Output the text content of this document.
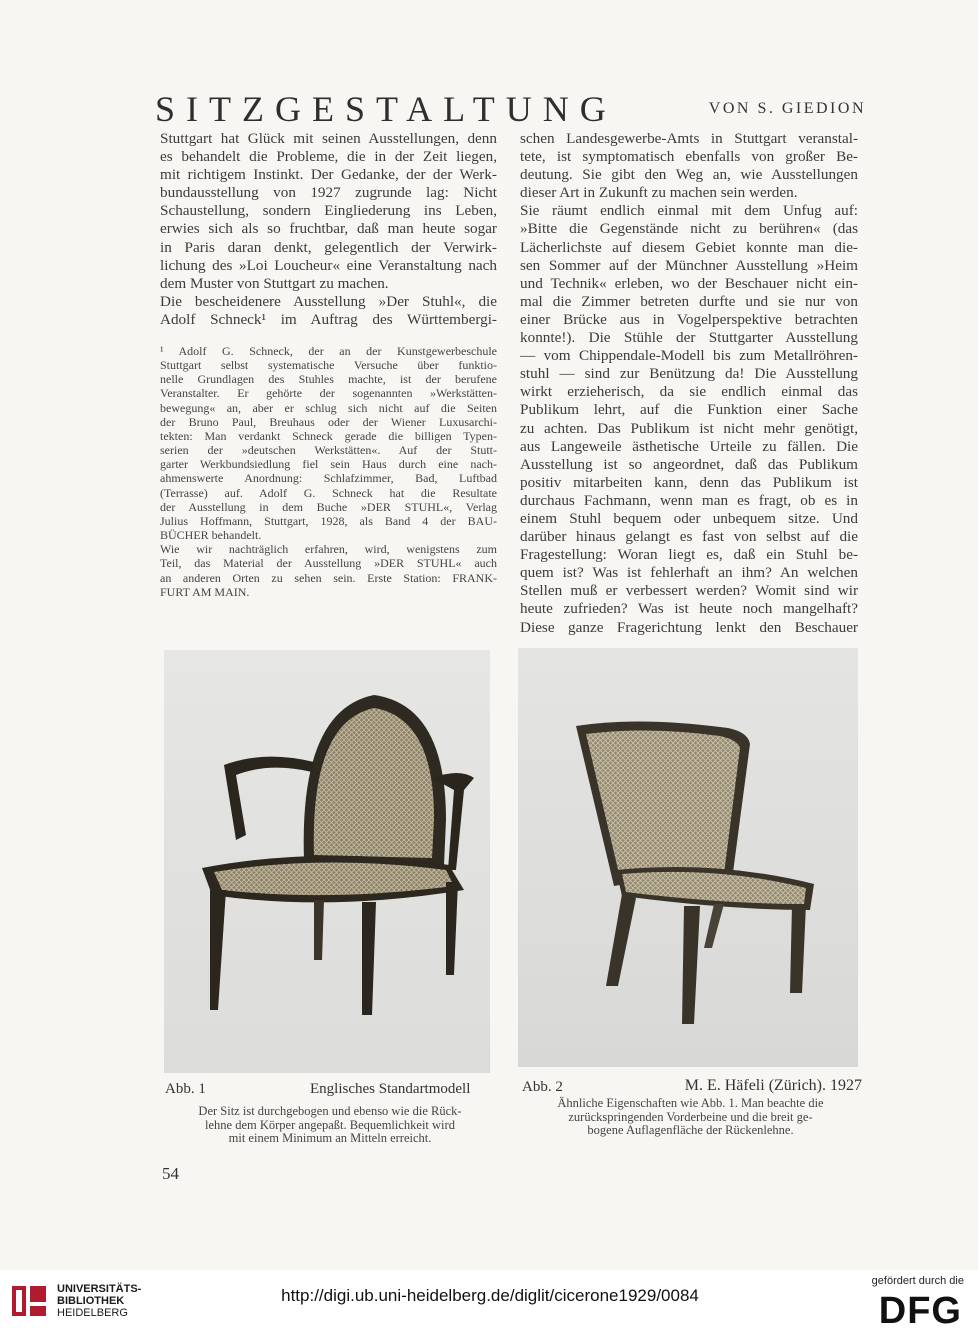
SITZGESTALTUNG	VON S. GIEDION
Stuttgart hat Glück mit seinen Ausstellungen, denn
es behandelt die Probleme, die in der Zeit liegen,
mit richtigem Instinkt. Der Gedanke, der der Werk-
bundausstellung von 1927 zugrunde lag: Nicht
Schaustellung, sondern Eingliederung ins Leben,
erwies sich als so fruchtbar, daß man heute sogar
in Paris daran denkt, gelegentlich der Verwirk-
lichung des »Loi Loucheur« eine Veranstaltung nach
dem Muster von Stuttgart zu machen.
Die bescheidenere Ausstellung »Der Stuhl«, die
Adolf Schneck¹ im Auftrag des Württembergi-
¹ Adolf G. Schneck, der an der Kunstgewerbeschule
Stuttgart selbst systematische Versuche über funktio-
nelle Grundlagen des Stuhles machte, ist der berufene
Veranstalter. Er gehörte der sogenannten »Werkstätten-
bewegung« an, aber er schlug sich nicht auf die Seiten
der Bruno Paul, Breuhaus oder der Wiener Luxusarchi-
tekten: Man verdankt Schneck gerade die billigen Typen-
serien der »deutschen Werkstätten«. Auf der Stutt-
garter Werkbundsiedlung fiel sein Haus durch eine nach-
ahmenswerte Anordnung: Schlafzimmer, Bad, Luftbad
(Terrasse) auf. Adolf G. Schneck hat die Resultate
der Ausstellung in dem Buche »DER STUHL«, Verlag
Julius Hoffmann, Stuttgart, 1928, als Band 4 der BAU-
BÜCHER behandelt.
Wie wir nachträglich erfahren, wird, wenigstens zum
Teil, das Material der Ausstellung »DER STUHL« auch
an anderen Orten zu sehen sein. Erste Station: FRANK-
FURT AM MAIN.
schen Landesgewerbe-Amts in Stuttgart veranstal-
tete, ist symptomatisch ebenfalls von großer Be-
deutung. Sie gibt den Weg an, wie Ausstellungen
dieser Art in Zukunft zu machen sein werden.
Sie räumt endlich einmal mit dem Unfug auf:
»Bitte die Gegenstände nicht zu berühren« (das
Lächerlichste auf diesem Gebiet konnte man die-
sen Sommer auf der Münchner Ausstellung »Heim
und Technik« erleben, wo der Beschauer nicht ein-
mal die Zimmer betreten durfte und sie nur von
einer Brücke aus in Vogelperspektive betrachten
konnte!). Die Stühle der Stuttgarter Ausstellung
— vom Chippendale-Modell bis zum Metallröhren-
stuhl — sind zur Benützung da! Die Ausstellung
wirkt erzieherisch, da sie endlich einmal das
Publikum lehrt, auf die Funktion einer Sache
zu achten. Das Publikum ist nicht mehr genötigt,
aus Langeweile ästhetische Urteile zu fällen. Die
Ausstellung ist so angeordnet, daß das Publikum
positiv mitarbeiten kann, denn das Publikum ist
durchaus Fachmann, wenn man es fragt, ob es in
einem Stuhl bequem oder unbequem sitze. Und
darüber hinaus gelangt es fast von selbst auf die
Fragestellung: Woran liegt es, daß ein Stuhl be-
quem ist? Was ist fehlerhaft an ihm? An welchen
Stellen muß er verbessert werden? Womit sind wir
heute zufrieden? Was ist heute noch mangelhaft?
Diese ganze Fragerichtung lenkt den Beschauer
Abb. 1	Englisches Standartmodell
Der Sitz ist durchgebogen und ebenso wie die Rück-
lehne dem Körper angepaßt. Bequemlichkeit wird
mit einem Minimum an Mitteln erreicht.
Abb. 2	M. E. Häfeli (Zürich). 1927
Ähnliche Eigenschaften wie Abb. 1. Man beachte die
zurückspringenden Vorderbeine und die breit ge-
bogene Auflagenfläche der Rückenlehne.
54
UNIVERSITÄTS-
BIBLIOTHEK
HEIDELBERG
http://digi.ub.uni-heidelberg.de/diglit/cicerone1929/0084
gefördert durch die
DFG
